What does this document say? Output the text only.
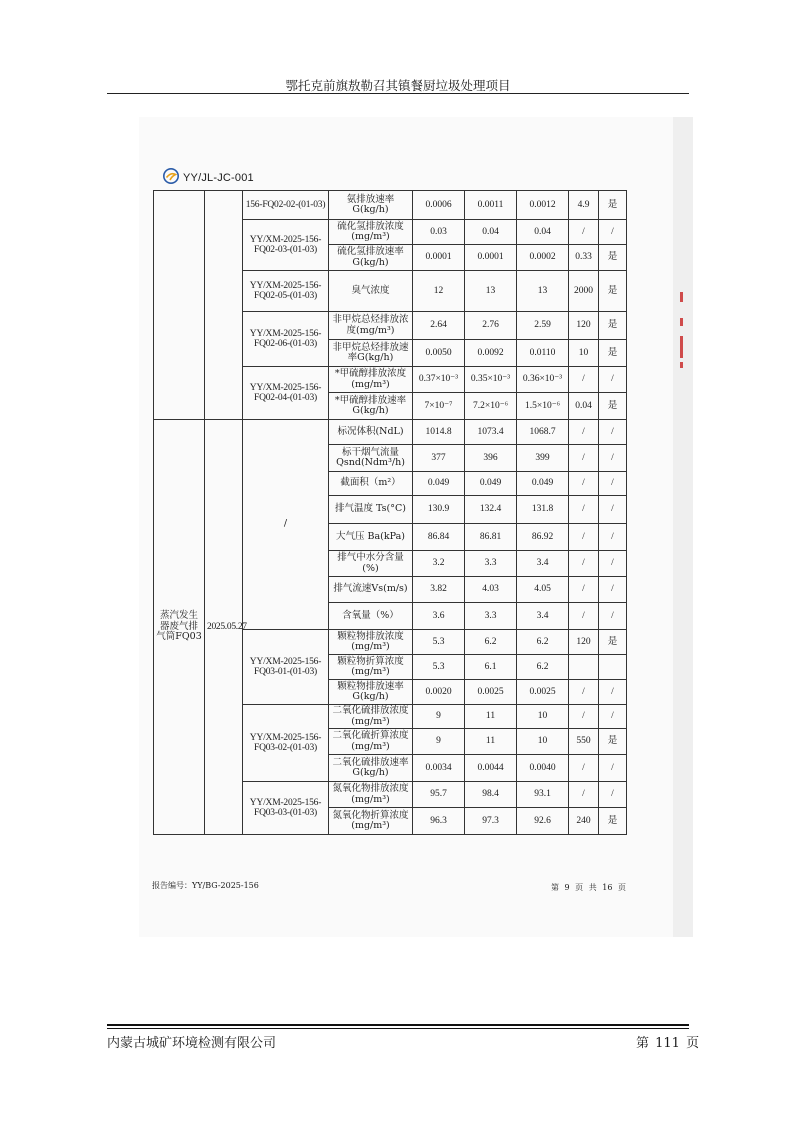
鄂托克前旗敖勒召其镇餐厨垃圾处理项目
YY/JL-JC-001
		156-FQ02-02-(01-03)	氨排放速率G(kg/h)	0.0006	0.0011	0.0012	4.9	是
		YY/XM-2025-156-FQ02-03-(01-03)	硫化氢排放浓度(mg/m³)	0.03	0.04	0.04	/	/
			硫化氢排放速率G(kg/h)	0.0001	0.0001	0.0002	0.33	是
		YY/XM-2025-156-FQ02-05-(01-03)	臭气浓度	12	13	13	2000	是
		YY/XM-2025-156-FQ02-06-(01-03)	非甲烷总烃排放浓度(mg/m³)	2.64	2.76	2.59	120	是
			非甲烷总烃排放速率G(kg/h)	0.0050	0.0092	0.0110	10	是
		YY/XM-2025-156-FQ02-04-(01-03)	*甲硫醇排放浓度(mg/m³)	0.37×10⁻³	0.35×10⁻³	0.36×10⁻³	/	/
			*甲硫醇排放速率G(kg/h)	7×10⁻⁷	7.2×10⁻⁶	1.5×10⁻⁶	0.04	是
蒸汽发生器废气排气筒FQ03	2025.05.27	/	标况体积(NdL)	1014.8	1073.4	1068.7	/	/
			标干烟气流量Qsnd(Ndm³/h)	377	396	399	/	/
			截面积（m²）	0.049	0.049	0.049	/	/
			排气温度 Ts(°C)	130.9	132.4	131.8	/	/
			大气压 Ba(kPa)	86.84	86.81	86.92	/	/
			排气中水分含量(%)	3.2	3.3	3.4	/	/
			排气流速Vs(m/s)	3.82	4.03	4.05	/	/
			含氧量（%）	3.6	3.3	3.4	/	/
		YY/XM-2025-156-FQ03-01-(01-03)	颗粒物排放浓度(mg/m³)	5.3	6.2	6.2	120	是
			颗粒物折算浓度(mg/m³)	5.3	6.1	6.2		
			颗粒物排放速率G(kg/h)	0.0020	0.0025	0.0025	/	/
		YY/XM-2025-156-FQ03-02-(01-03)	二氧化硫排放浓度(mg/m³)	9	11	10	/	/
			二氧化硫折算浓度(mg/m³)	9	11	10	550	是
			二氧化硫排放速率G(kg/h)	0.0034	0.0044	0.0040	/	/
		YY/XM-2025-156-FQ03-03-(01-03)	氮氧化物排放浓度(mg/m³)	95.7	98.4	93.1	/	/
			氮氧化物折算浓度(mg/m³)	96.3	97.3	92.6	240	是
报告编号：YY/BG-2025-156	第 9 页 共 16 页
内蒙古城矿环境检测有限公司	第 111 页
